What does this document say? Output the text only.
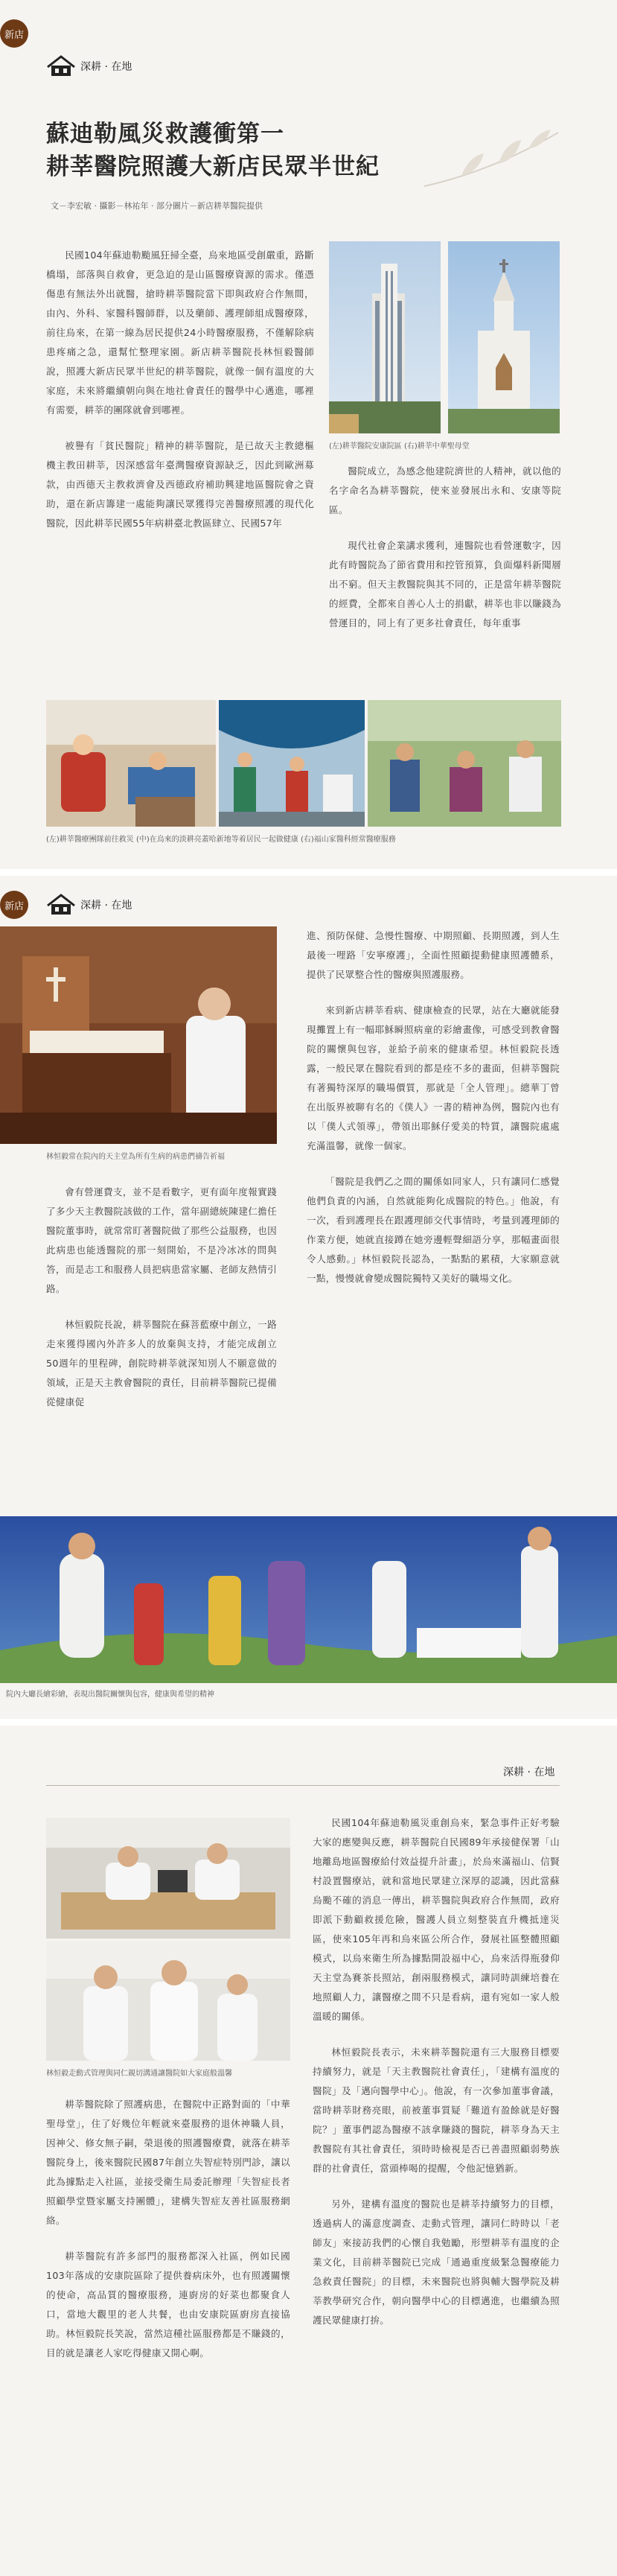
新店
深耕 · 在地
蘇迪勒風災救護衝第一
耕莘醫院照護大新店民眾半世紀
文－李宏敏 · 攝影－林祐年 · 部分圖片－新店耕莘醫院提供

民國104年蘇迪勒颱風狂掃全臺，烏來地區受創嚴重，路斷橋塌，部落與自救會，更急迫的是山區醫療資源的需求。僅憑傷患有無法外出就醫，搶時耕莘醫院當下即與政府合作無間，由內、外科、家醫科醫師群，以及藥師、護理師組成醫療隊，前往烏來，在第一線為居民提供24小時醫療服務，不僅解除病患疼痛之急，還幫忙整理家園。新店耕莘醫院長林恒毅醫師說，照護大新店民眾半世紀的耕莘醫院，就像一個有溫度的大家庭，未來將繼續朝向與在地社會責任的醫學中心邁進，哪裡有需要，耕莘的團隊就會到哪裡。

被譽有「貧民醫院」精神的耕莘醫院，是已故天主教總樞機主教田耕莘，因深感當年臺灣醫療資源缺乏，因此到歐洲募款，由西德天主教救濟會及西德政府補助興建地區醫院會之資助，還在新店籌建一處能夠讓民眾獲得完善醫療照護的現代化醫院，因此耕莘民國55年病耕臺北教區肆立、民國57年

(左)耕莘醫院安康院區 (右)耕莘中華聖母堂

醫院成立，為感念他建院濟世的人精神，就以他的名字命名為耕莘醫院，使來並發展出永和、安康等院區。

現代社會企業講求獲利，連醫院也看營運數字，因此有時醫院為了節省費用和控管預算，負面爆料新聞層出不窮。但天主教醫院與其不同的，正是當年耕莘醫院的經費，全都來自善心人士的捐獻，耕莘也非以賺錢為營運目的，同上有了更多社會責任，每年重事

(左)耕莘醫療團隊前往救災 (中)在烏來的淡耕亮蓋哈新地等着居民一起做健康 (右)福山家醫科經常醫療服務
新店	深耕 · 在地
林恒毅常在院內的天主堂為所有生病的病患們禱告祈福

會有營運費支，並不是看數字，更有面年度報實踐了多少天主教醫院該做的工作，當年副總統陳建仁擔任醫院董事時，就常常盯著醫院做了那些公益服務，也因此病患也能透醫院的那一刻開始，不是冷冰冰的問與答，而是志工和服務人員把病患當家屬、老師友熱情引路。

林恒毅院長說，耕莘醫院在蘇菩藍療中創立，一路走來獲得國內外許多人的放棄與支持，才能完成創立50週年的里程碑，創院時耕莘就深知別人不願意做的領域，正是天主教會醫院的責任，目前耕莘醫院已提備從健康促

進、預防保健、急慢性醫療、中期照顧、長期照護，到人生最後一哩路「安寧療護」，全面性照顧提動健康照護體系，提供了民眾整合性的醫療與照護服務。

來到新店耕莘看病、健康檢查的民眾，站在大廳就能發現攤置上有一幅耶穌瞬照病童的彩繪畫像，可感受到教會醫院的關懷與包容，並給予前來的健康希望。林恒毅院長透露，一般民眾在醫院看到的都是痊不多的畫面，但耕莘醫院有著獨特深厚的職場價質，那就是「全人管理」。總華丁曾在出版界被聊有名的《僕人》一書的精神為例，醫院內也有以「僕人式領導」，帶領出耶穌仔愛美的特質，讓醫院處處充滿溫馨，就像一個家。

「醫院是我們乙之間的關係如同家人，只有讓同仁感覺他們負責的內涵，自然就能夠化成醫院的特色。」他說，有一次，看到護理長在跟護理師交代事情時，考量到護理師的作業方便，她就直接蹲在她旁邊輕聲細語分享，那幅畫面很令人感動。」林恒毅院長認為，一點點的累積，大家願意就一點，慢慢就會變成醫院獨特又美好的職場文化。

院內大廳長繪彩繪，表現出醫院關懷與包容，健康與希望的精神
深耕 · 在地
林恒毅走動式管理與同仁親切溝通讓醫院如大家庭般溫馨

耕莘醫院除了照護病患，在醫院中正路對面的「中華聖母堂」，住了好幾位年輕就來臺服務的退休神職人員，因神父、修女無子嗣，榮退後的照護醫療費，就落在耕莘醫院身上，後來醫院民國87年創立失智症特別門診，讓以此為據點走入社區，並接受衛生局委託辦理「失智症長者照顧學堂暨家屬支持團體」，建構失智症友善社區服務網絡。

耕莘醫院有許多部門的服務都深入社區，例如民國103年落成的安康院區除了提供養病床外，也有照護關懷的使命，高品質的醫療服務，連廚房的好菜也都聚食人口，當地大觀里的老人共餐，也由安康院區廚房直接協助。林恒毅院長笑說，當然這種社區服務都是不賺錢的，目的就是讓老人家吃得健康又開心啊。

民國104年蘇迪勒風災重創烏來，緊急事件正好考驗大家的應變與反應，耕莘醫院自民國89年承接健保署「山地離島地區醫療給付效益提升計畫」，於烏來滿福山、信賢村設置醫療站，就和當地民眾建立深厚的認識，因此當蘇烏颱不確的消息一傳出，耕莘醫院與政府合作無間，政府即派下動顧救援危險，醫護人員立刻整裝直升機抵達災區，使來105年再和烏來區公所合作，發展社區整體照顧模式，以烏來衛生所為據點開設福中心，烏來活得瓶發仰天主堂為賽茶長照站，創兩服務模式，讓同時訓練培養在地照顧人力，讓醫療之間不只是看病，還有宛如一家人般溫暖的關係。

林恒毅院長表示，未來耕莘醫院還有三大服務目標要持續努力，就是「天主教醫院社會責任」，「建構有溫度的醫院」及「邁向醫學中心」。他說，有一次參加董事會議，當時耕莘財務亮眼，前被董事質疑「難道有盈餘就是好醫院？」董事們認為醫療不該拿賺錢的醫院，耕莘身為天主教醫院有其社會責任，須時時檢視是否已善盡照顧弱勢族群的社會責任，當頭棒喝的提醒，令他記憶猶新。

另外，建構有溫度的醫院也是耕莘持續努力的目標，透過病人的滿意度調查、走動式管理，讓同仁時時以「老師友」來接訪我們的心懷自我勉勵，形塑耕莘有溫度的企業文化，目前耕莘醫院已完成「通過重度級緊急醫療能力急救責任醫院」的目標，未來醫院也將與輔大醫學院及耕莘教學研究合作，朝向醫學中心的目標邁進，也繼續為照護民眾健康打拚。
